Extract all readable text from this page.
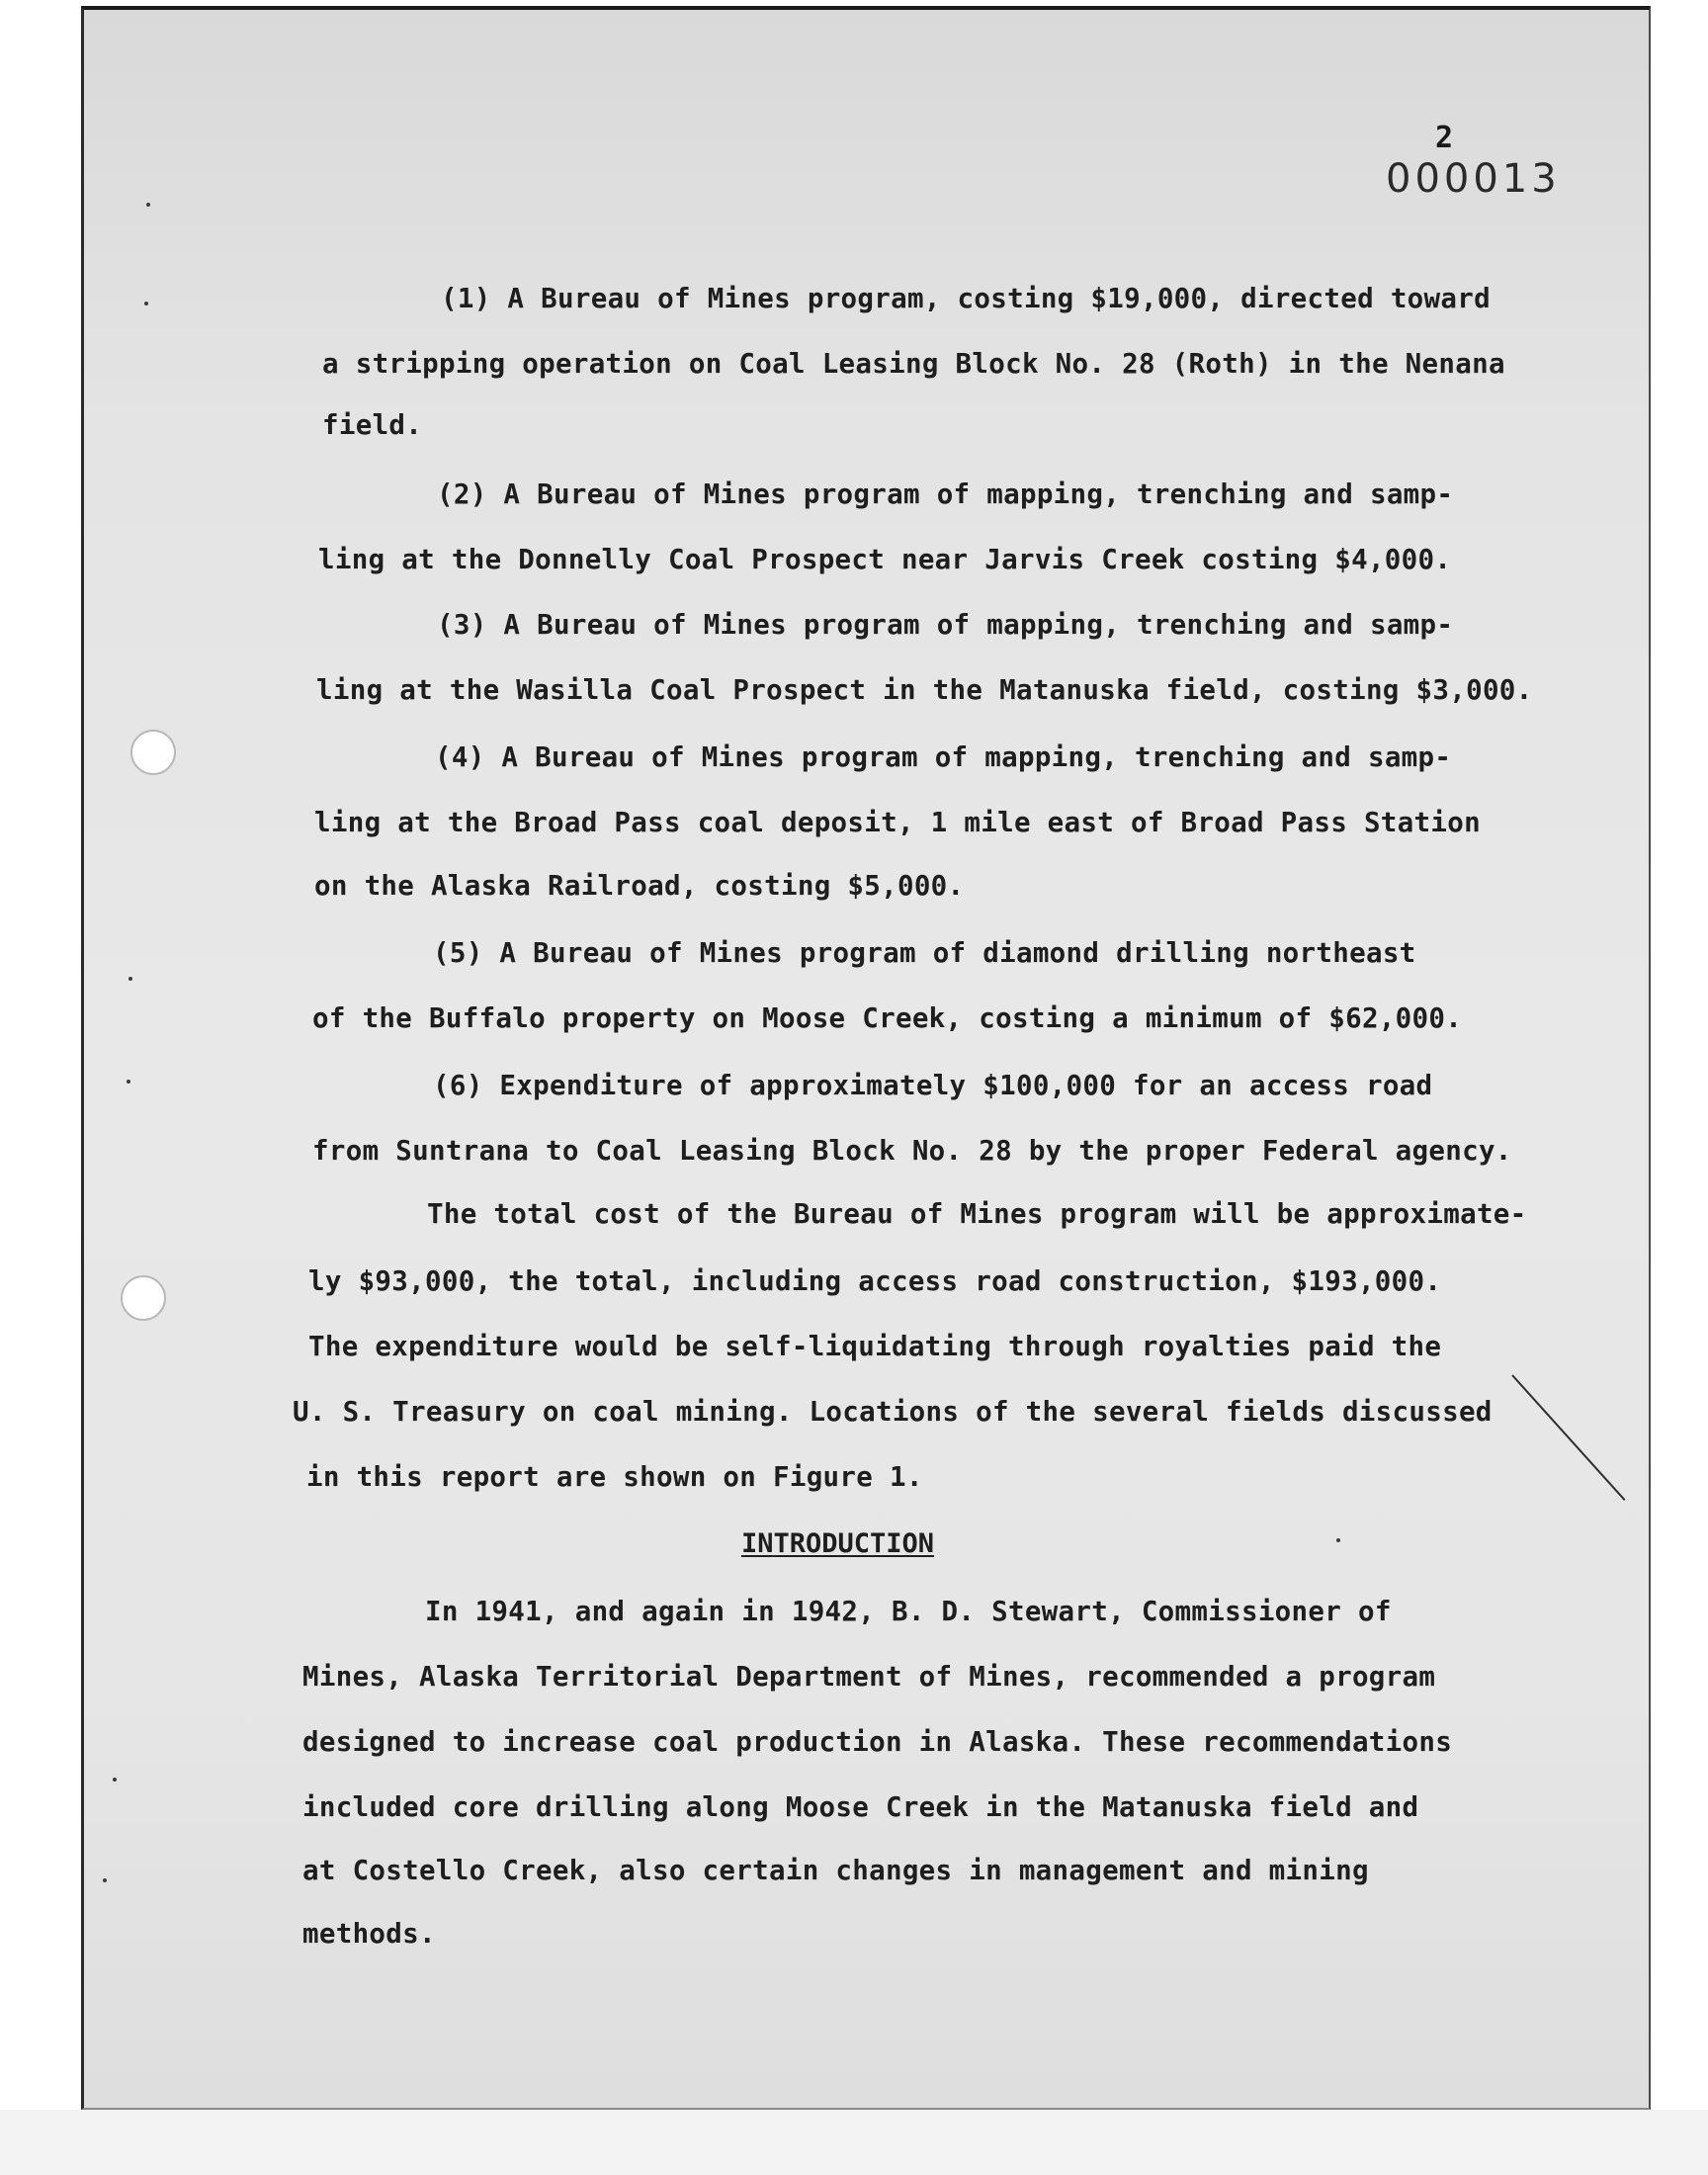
2
000013
(1) A Bureau of Mines program, costing $19,000, directed toward
a stripping operation on Coal Leasing Block No. 28 (Roth) in the Nenana
field.
(2) A Bureau of Mines program of mapping, trenching and samp-
ling at the Donnelly Coal Prospect near Jarvis Creek costing $4,000.
(3) A Bureau of Mines program of mapping, trenching and samp-
ling at the Wasilla Coal Prospect in the Matanuska field, costing $3,000.
(4) A Bureau of Mines program of mapping, trenching and samp-
ling at the Broad Pass coal deposit, 1 mile east of Broad Pass Station
on the Alaska Railroad, costing $5,000.
(5) A Bureau of Mines program of diamond drilling northeast
of the Buffalo property on Moose Creek, costing a minimum of $62,000.
(6) Expenditure of approximately $100,000 for an access road
from Suntrana to Coal Leasing Block No. 28 by the proper Federal agency.
The total cost of the Bureau of Mines program will be approximate-
ly $93,000, the total, including access road construction, $193,000.
The expenditure would be self-liquidating through royalties paid the
U. S. Treasury on coal mining. Locations of the several fields discussed
in this report are shown on Figure 1.
INTRODUCTION
In 1941, and again in 1942, B. D. Stewart, Commissioner of
Mines, Alaska Territorial Department of Mines, recommended a program
designed to increase coal production in Alaska. These recommendations
included core drilling along Moose Creek in the Matanuska field and
at Costello Creek, also certain changes in management and mining
methods.
